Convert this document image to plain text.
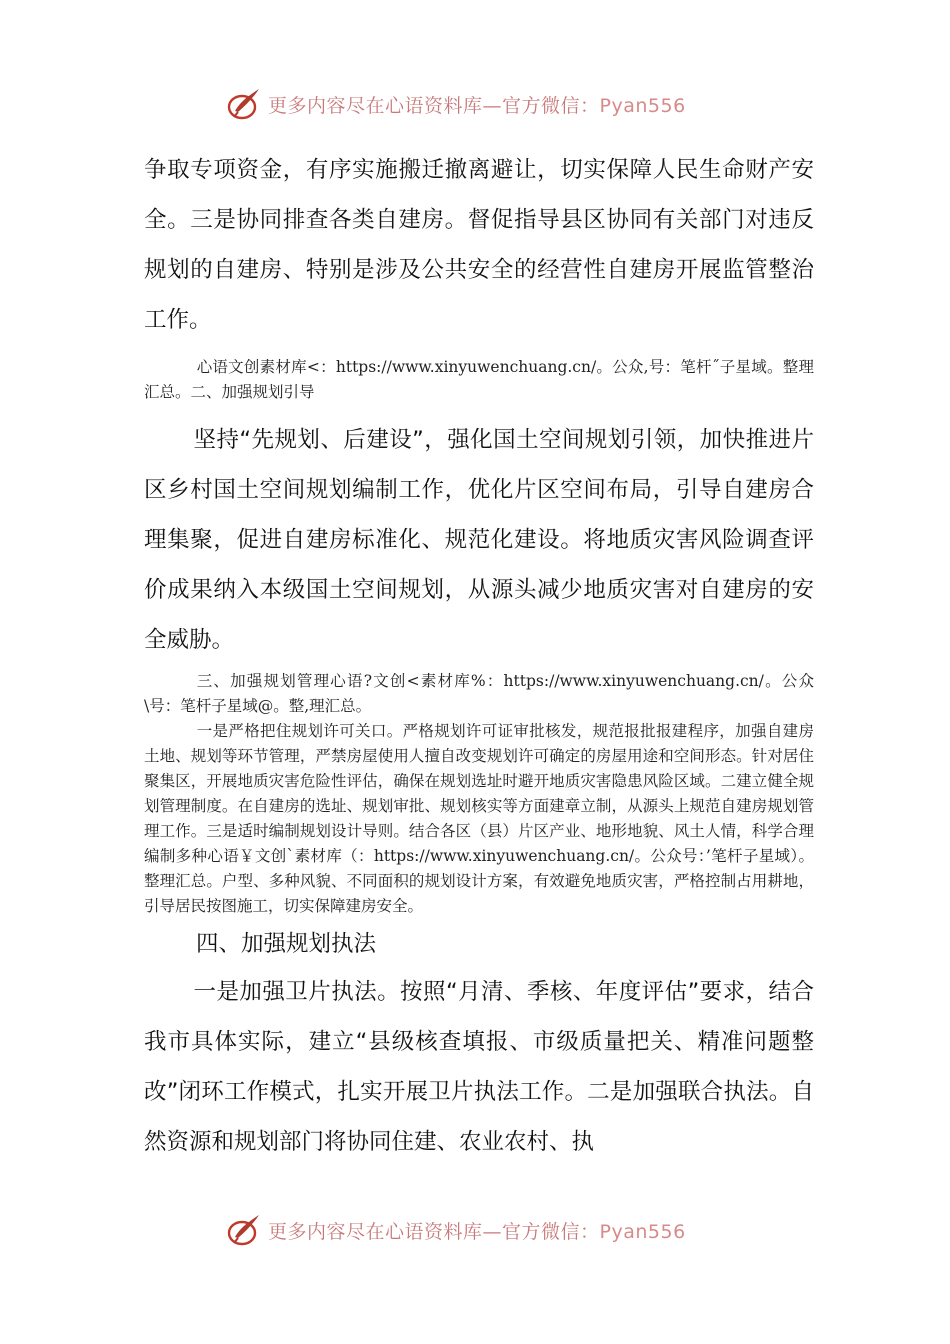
更多内容尽在心语资料库—官方微信：Pyan556

争取专项资金，有序实施搬迁撤离避让，切实保障人民生命财产安全。三是协同排查各类自建房。督促指导县区协同有关部门对违反规划的自建房、特别是涉及公共安全的经营性自建房开展监管整治工作。

心语文创素材库<：https://www.xinyuwenchuang.cn/。公众,号：笔杆˝子星域。整理汇总。二、加强规划引导

坚持“先规划、后建设”，强化国土空间规划引领，加快推进片区乡村国土空间规划编制工作，优化片区空间布局，引导自建房合理集聚，促进自建房标准化、规范化建设。将地质灾害风险调查评价成果纳入本级国土空间规划，从源头减少地质灾害对自建房的安全威胁。

三、加强规划管理心语?文创<素材库%：https://www.xinyuwenchuang.cn/。公众\号：笔杆子星域@。整,理汇总。

一是严格把住规划许可关口。严格规划许可证审批核发，规范报批报建程序，加强自建房土地、规划等环节管理，严禁房屋使用人擅自改变规划许可确定的房屋用途和空间形态。针对居住聚集区，开展地质灾害危险性评估，确保在规划选址时避开地质灾害隐患风险区域。二建立健全规划管理制度。在自建房的选址、规划审批、规划核实等方面建章立制，从源头上规范自建房规划管理工作。三是适时编制规划设计导则。结合各区（县）片区产业、地形地貌、风土人情，科学合理编制多种心语￥文创`素材库（：https://www.xinyuwenchuang.cn/。公众号：’笔杆子星域）。整理汇总。户型、多种风貌、不同面积的规划设计方案，有效避免地质灾害，严格控制占用耕地，引导居民按图施工，切实保障建房安全。

四、加强规划执法

一是加强卫片执法。按照“月清、季核、年度评估”要求，结合我市具体实际，建立“县级核查填报、市级质量把关、精准问题整改”闭环工作模式，扎实开展卫片执法工作。二是加强联合执法。自然资源和规划部门将协同住建、农业农村、执

更多内容尽在心语资料库—官方微信：Pyan556
